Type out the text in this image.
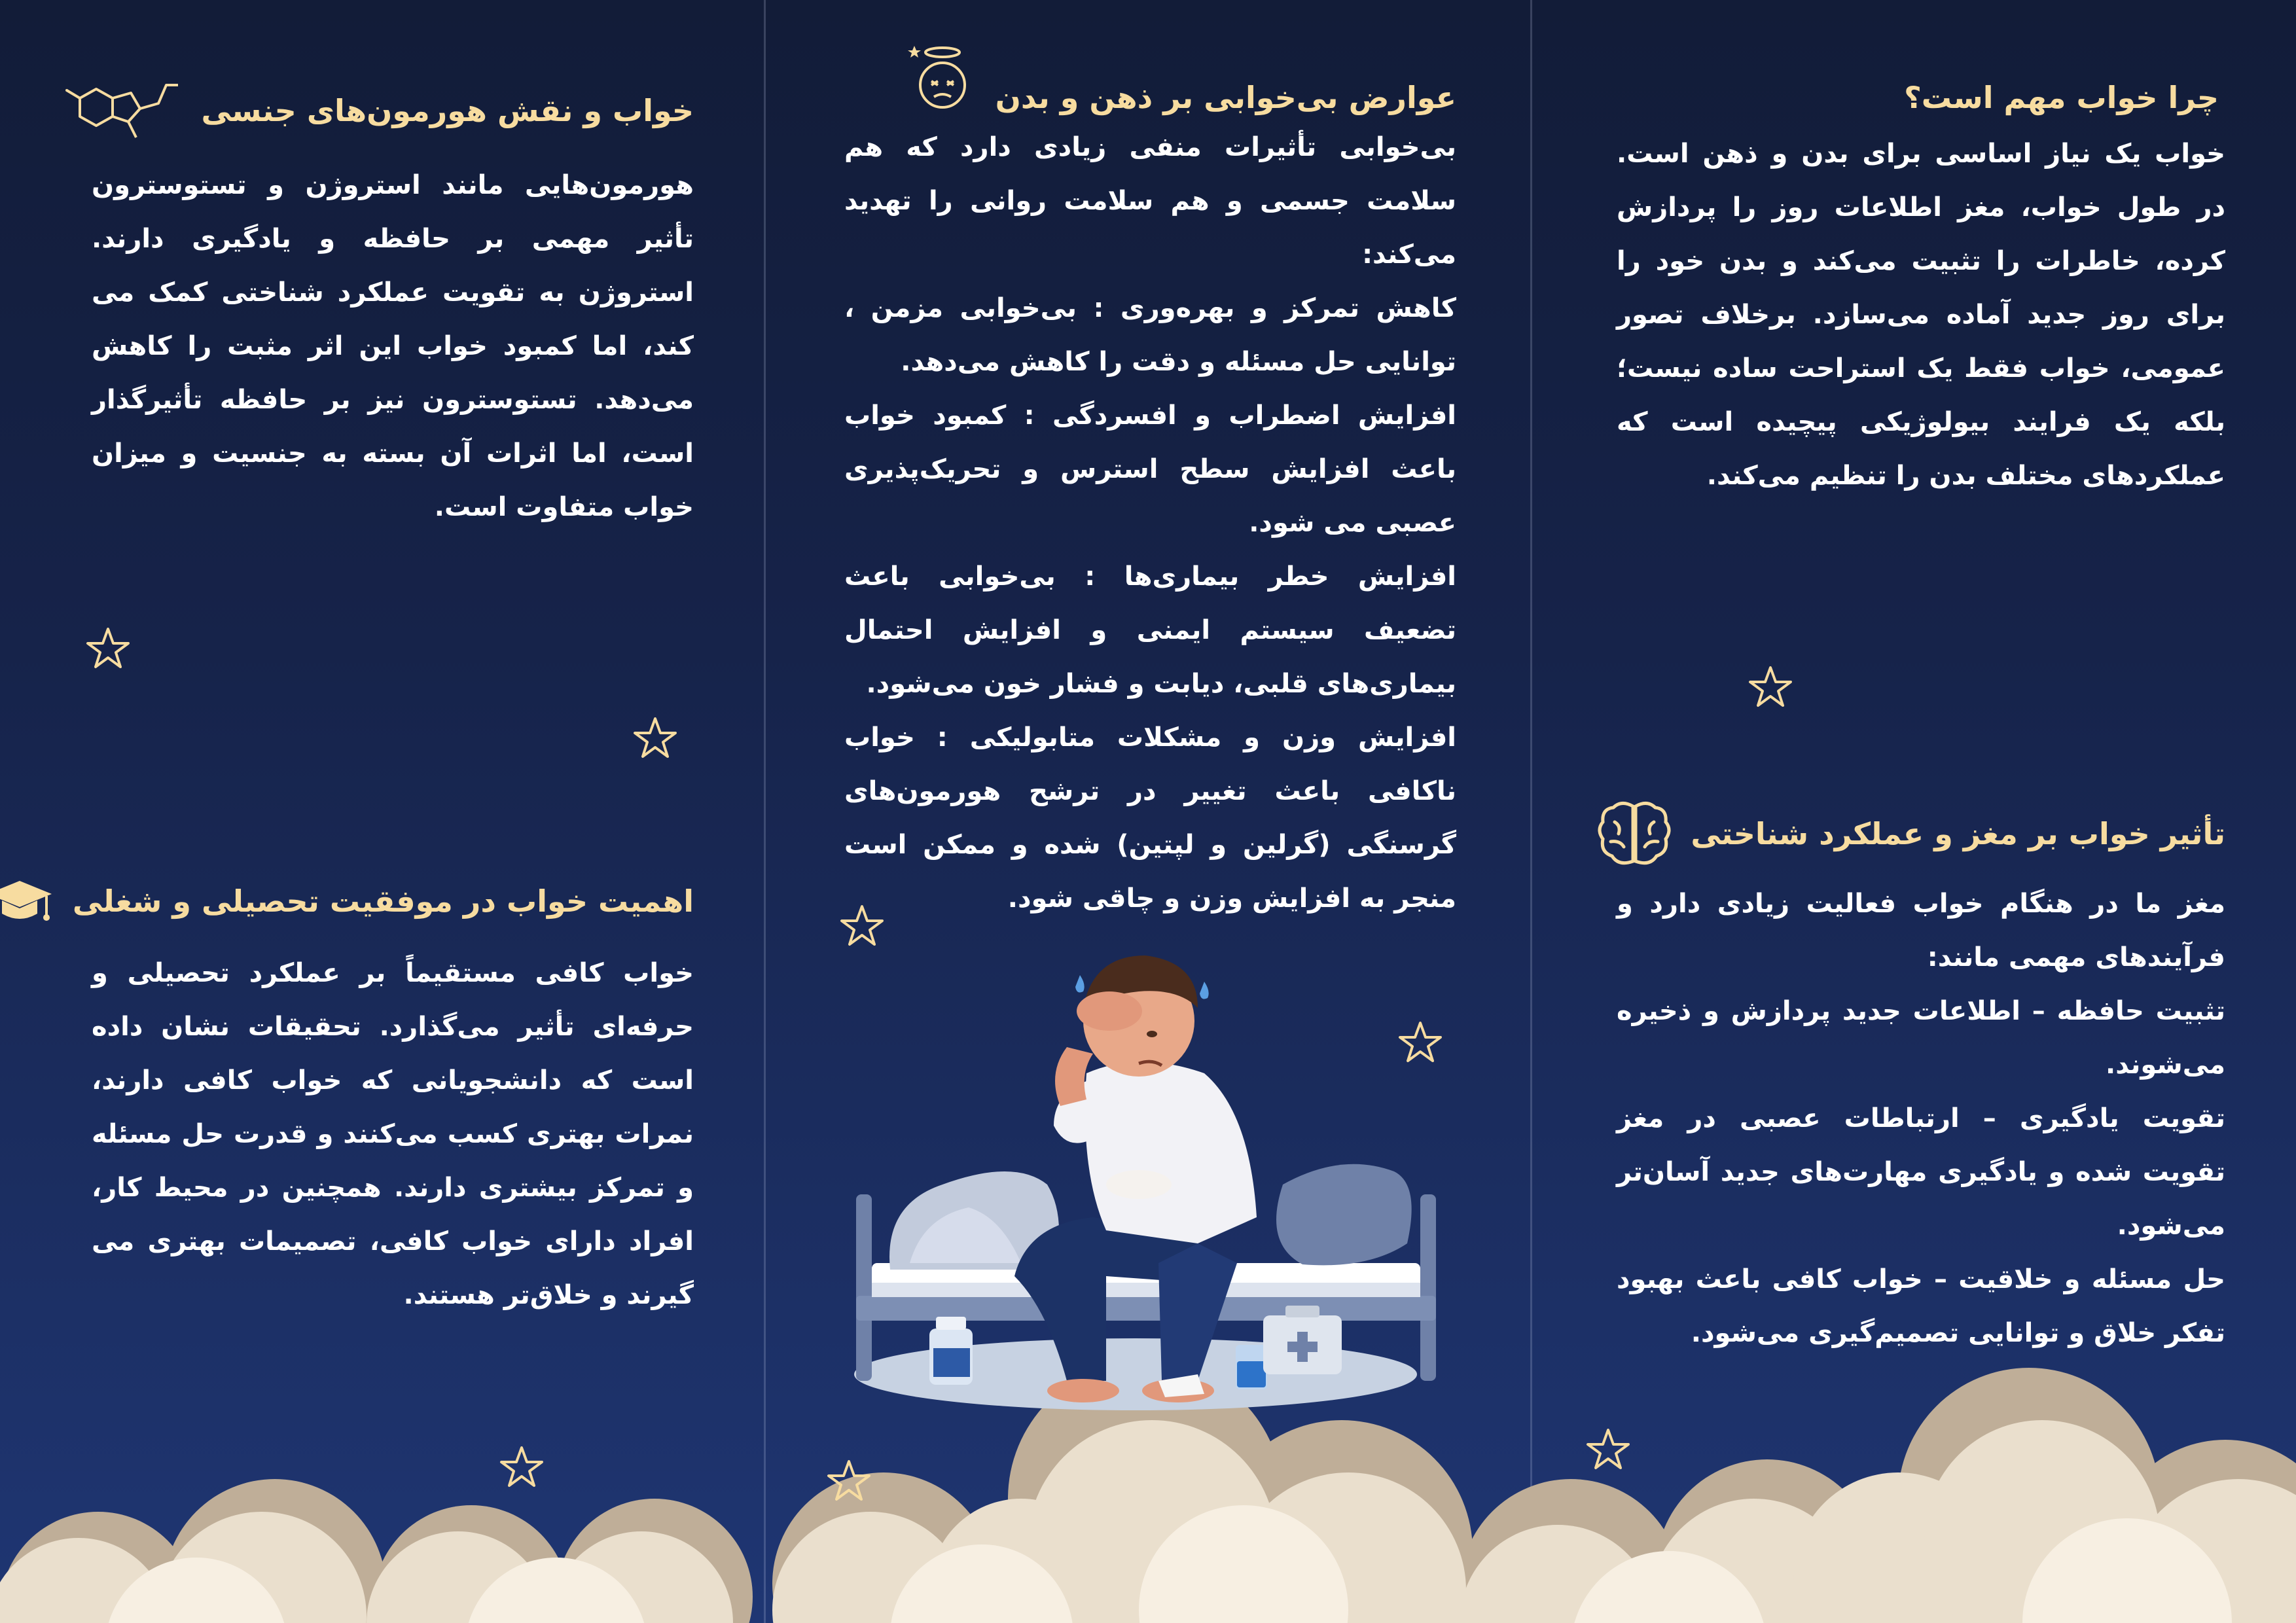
خواب و نقش هورمون‌های جنسی
هورمون‌هایی مانند استروژن و تستوسترون تأثیر مهمی بر حافظه و یادگیری دارند. استروژن به تقویت عملکرد شناختی کمک می کند، اما کمبود خواب این اثر مثبت را کاهش می‌دهد. تستوسترون نیز بر حافظه تأثیرگذار است، اما اثرات آن بسته به جنسیت و میزان خواب متفاوت است.
اهمیت خواب در موفقیت تحصیلی و شغلی
خواب کافی مستقیماً بر عملکرد تحصیلی و حرفه‌ای تأثیر می‌گذارد. تحقیقات نشان داده است که دانشجویانی که خواب کافی دارند، نمرات بهتری کسب می‌کنند و قدرت حل مسئله و تمرکز بیشتری دارند. همچنین در محیط کار، افراد دارای خواب کافی، تصمیمات بهتری می گیرند و خلاق‌تر هستند.
عوارض بی‌خوابی بر ذهن و بدن

بی‌خوابی تأثیرات منفی زیادی دارد که هم سلامت جسمی و هم سلامت روانی را تهدید می‌کند:

کاهش تمرکز و بهره‌وری : بی‌خوابی مزمن ، توانایی حل مسئله و دقت را کاهش می‌دهد.

افزایش اضطراب و افسردگی : کمبود خواب باعث افزایش سطح استرس و تحریک‌پذیری عصبی می شود.

افزایش خطر بیماری‌ها : بی‌خوابی باعث تضعیف سیستم ایمنی و افزایش احتمال بیماری‌های قلبی، دیابت و فشار خون می‌شود.

افزایش وزن و مشکلات متابولیکی : خواب ناکافی باعث تغییر در ترشح هورمون‌های گرسنگی (گرلین و لپتین) شده و ممکن است منجر به افزایش وزن و چاقی شود.

چرا خواب مهم است؟
خواب یک نیاز اساسی برای بدن و ذهن است. در طول خواب، مغز اطلاعات روز را پردازش کرده، خاطرات را تثبیت می‌کند و بدن خود را برای روز جدید آماده می‌سازد. برخلاف تصور عمومی، خواب فقط یک استراحت ساده نیست؛ بلکه یک فرایند بیولوژیکی پیچیده است که عملکردهای مختلف بدن را تنظیم می‌کند.
تأثیر خواب بر مغز و عملکرد شناختی

مغز ما در هنگام خواب فعالیت زیادی دارد و فرآیندهای مهمی مانند:

تثبیت حافظه – اطلاعات جدید پردازش و ذخیره می‌شوند.

تقویت یادگیری – ارتباطات عصبی در مغز تقویت شده و یادگیری مهارت‌های جدید آسان‌تر می‌شود.

حل مسئله و خلاقیت – خواب کافی باعث بهبود تفکر خلاق و توانایی تصمیم‌گیری می‌شود.
